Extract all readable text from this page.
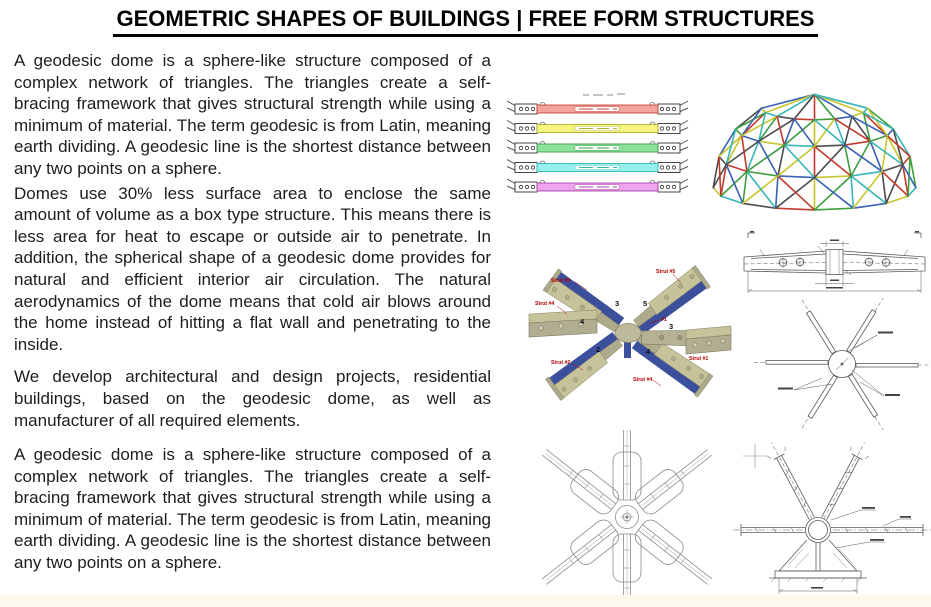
GEOMETRIC SHAPES OF BUILDINGS | FREE FORM STRUCTURES

A geodesic dome is a sphere-like structure composed of a complex network of triangles. The triangles create a self-bracing framework that gives structural strength while using a minimum of material. The term geodesic is from Latin, meaning earth dividing. A geodesic line is the shortest distance between any two points on a sphere.

Domes use 30% less surface area to enclose the same amount of volume as a box type structure. This means there is less area for heat to escape or outside air to penetrate. In addition, the spherical shape of a geodesic dome provides for natural and efficient interior air circulation. The natural aerodynamics of the dome means that cold air blows around the home instead of hitting a flat wall and penetrating to the inside.

We develop architectural and design projects, residential buildings, based on the geodesic dome, as well as manufacturer of all required elements.

A geodesic dome is a sphere-like structure composed of a complex network of triangles. The triangles create a self-bracing framework that gives structural strength while using a minimum of material. The term geodesic is from Latin, meaning earth dividing. A geodesic line is the shortest distance between any two points on a sphere.

Strut #3
Strut #5
Strut #4
Strut #2
Strut #4
Strut #1
#1
3	5
4
3
2	4
